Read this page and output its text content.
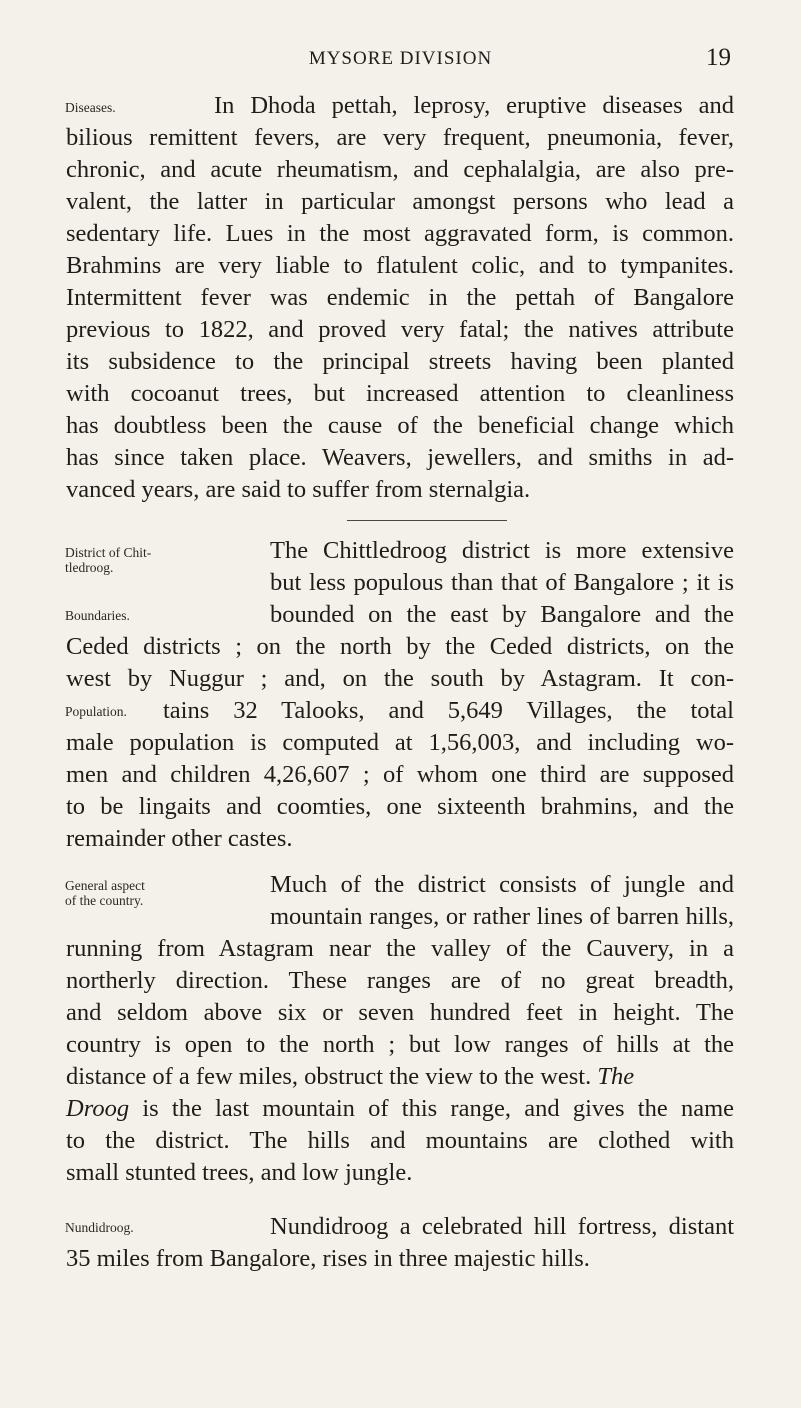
MYSORE DIVISION	19
Diseases.	In Dhoda pettah, leprosy, eruptive diseases and
bilious remittent fevers, are very frequent, pneumonia, fever,
chronic, and acute rheumatism, and cephalalgia, are also pre-
valent, the latter in particular amongst persons who lead a
sedentary life. Lues in the most aggravated form, is common.
Brahmins are very liable to flatulent colic, and to tympanites.
Intermittent fever was endemic in the pettah of Bangalore
previous to 1822, and proved very fatal; the natives attribute
its subsidence to the principal streets having been planted
with cocoanut trees, but increased attention to cleanliness
has doubtless been the cause of the beneficial change which
has since taken place. Weavers, jewellers, and smiths in ad-
vanced years, are said to suffer from sternalgia.
District of Chit-
tledroog.
The Chittledroog district is more extensive
but less populous than that of Bangalore ; it is
Boundaries.	bounded on the east by Bangalore and the
Ceded districts ; on the north by the Ceded districts, on the
west by Nuggur ; and, on the south by Astagram. It con-
Population. tains 32 Talooks, and 5,649 Villages, the total
male population is computed at 1,56,003, and including wo-
men and children 4,26,607 ; of whom one third are supposed
to be lingaits and coomties, one sixteenth brahmins, and the
remainder other castes.
General aspect
of the country.
Much of the district consists of jungle and
mountain ranges, or rather lines of barren hills,
running from Astagram near the valley of the Cauvery, in a
northerly direction. These ranges are of no great breadth,
and seldom above six or seven hundred feet in height. The
country is open to the north ; but low ranges of hills at the
distance of a few miles, obstruct the view to the west. The
Droog is the last mountain of this range, and gives the name
to the district. The hills and mountains are clothed with
small stunted trees, and low jungle.
Nundidroog.	Nundidroog a celebrated hill fortress, distant
35 miles from Bangalore, rises in three majestic hills.
